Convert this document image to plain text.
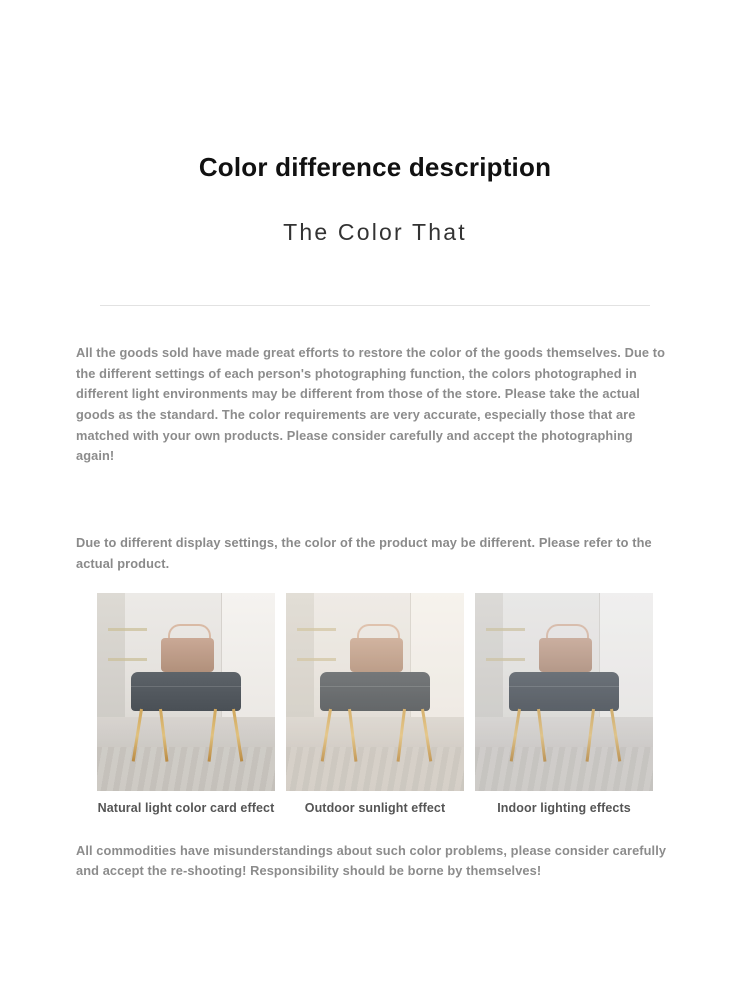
Color difference description
The Color That

All the goods sold have made great efforts to restore the color of the goods themselves. Due to the different settings of each person's photographing function, the colors photographed in different light environments may be different from those of the store. Please take the actual goods as the standard. The color requirements are very accurate, especially those that are matched with your own products. Please consider carefully and accept the photographing again!

Due to different display settings, the color of the product may be different. Please refer to the actual product.

Natural light color card effect	Outdoor sunlight effect	Indoor lighting effects

All commodities have misunderstandings about such color problems, please consider carefully and accept the re-shooting! Responsibility should be borne by themselves!
